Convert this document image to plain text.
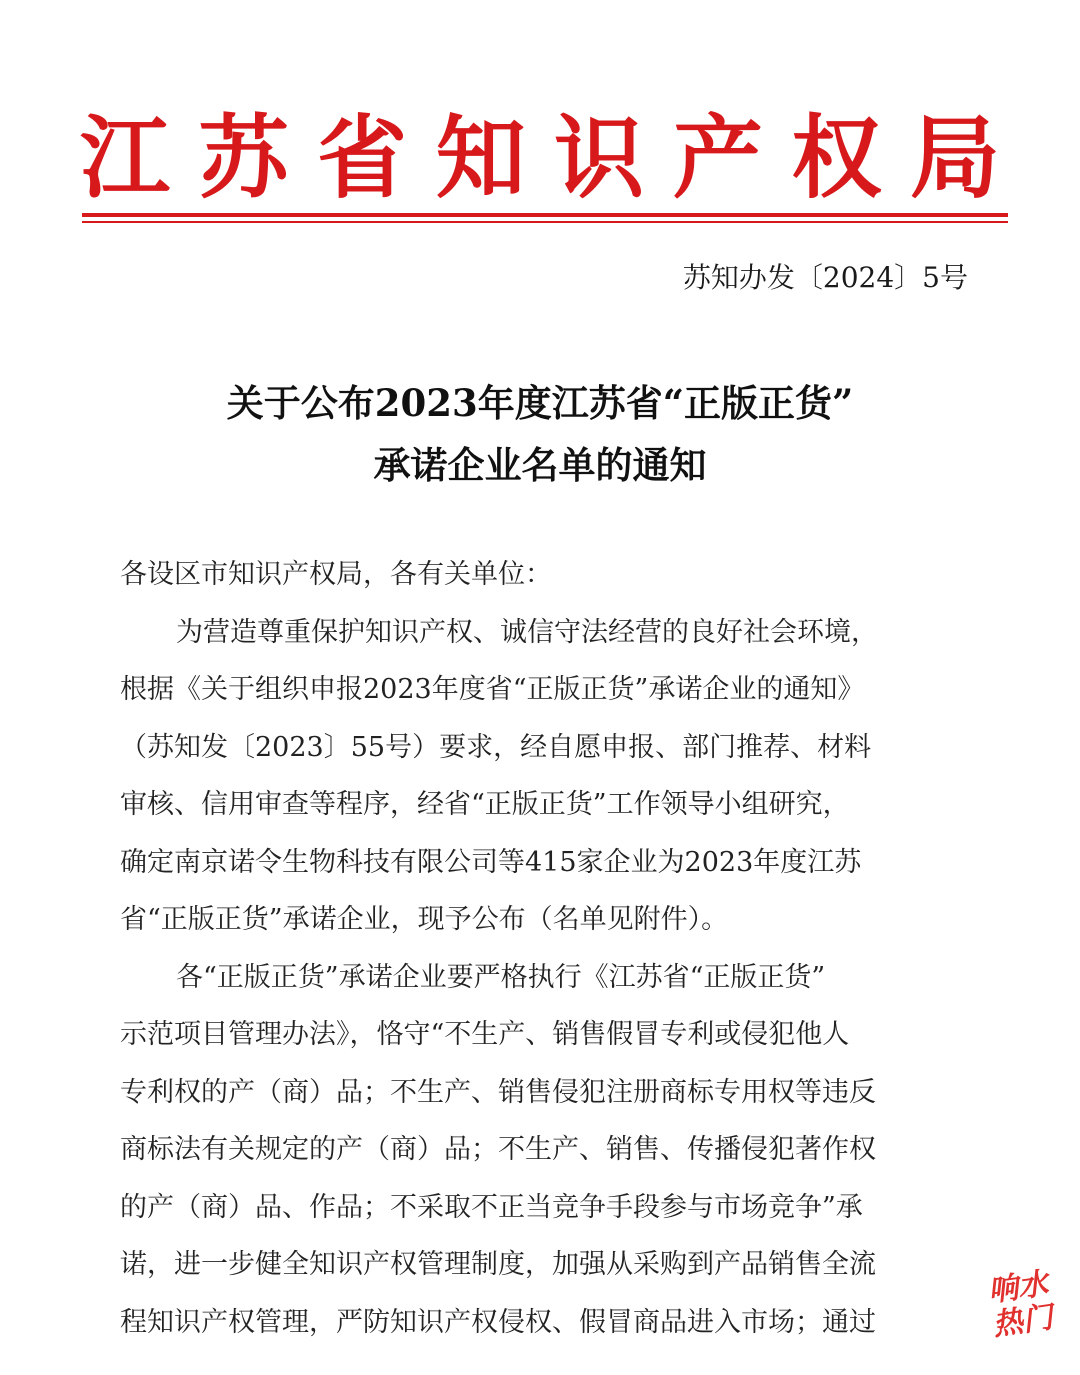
江 苏 省 知 识 产 权 局
苏知办发〔2024〕5号
关于公布2023年度江苏省“正版正货”
承诺企业名单的通知

各设区市知识产权局，各有关单位：

为营造尊重保护知识产权、诚信守法经营的良好社会环境，

根据《关于组织申报2023年度省“正版正货”承诺企业的通知》

（苏知发〔2023〕55号）要求，经自愿申报、部门推荐、材料

审核、信用审查等程序，经省“正版正货”工作领导小组研究，

确定南京诺令生物科技有限公司等415家企业为2023年度江苏

省“正版正货”承诺企业，现予公布（名单见附件）。

各“正版正货”承诺企业要严格执行《江苏省“正版正货”

示范项目管理办法》，恪守“不生产、销售假冒专利或侵犯他人

专利权的产（商）品；不生产、销售侵犯注册商标专用权等违反

商标法有关规定的产（商）品；不生产、销售、传播侵犯著作权

的产（商）品、作品；不采取不正当竞争手段参与市场竞争”承

诺，进一步健全知识产权管理制度，加强从采购到产品销售全流

程知识产权管理，严防知识产权侵权、假冒商品进入市场；通过

响水
热门
